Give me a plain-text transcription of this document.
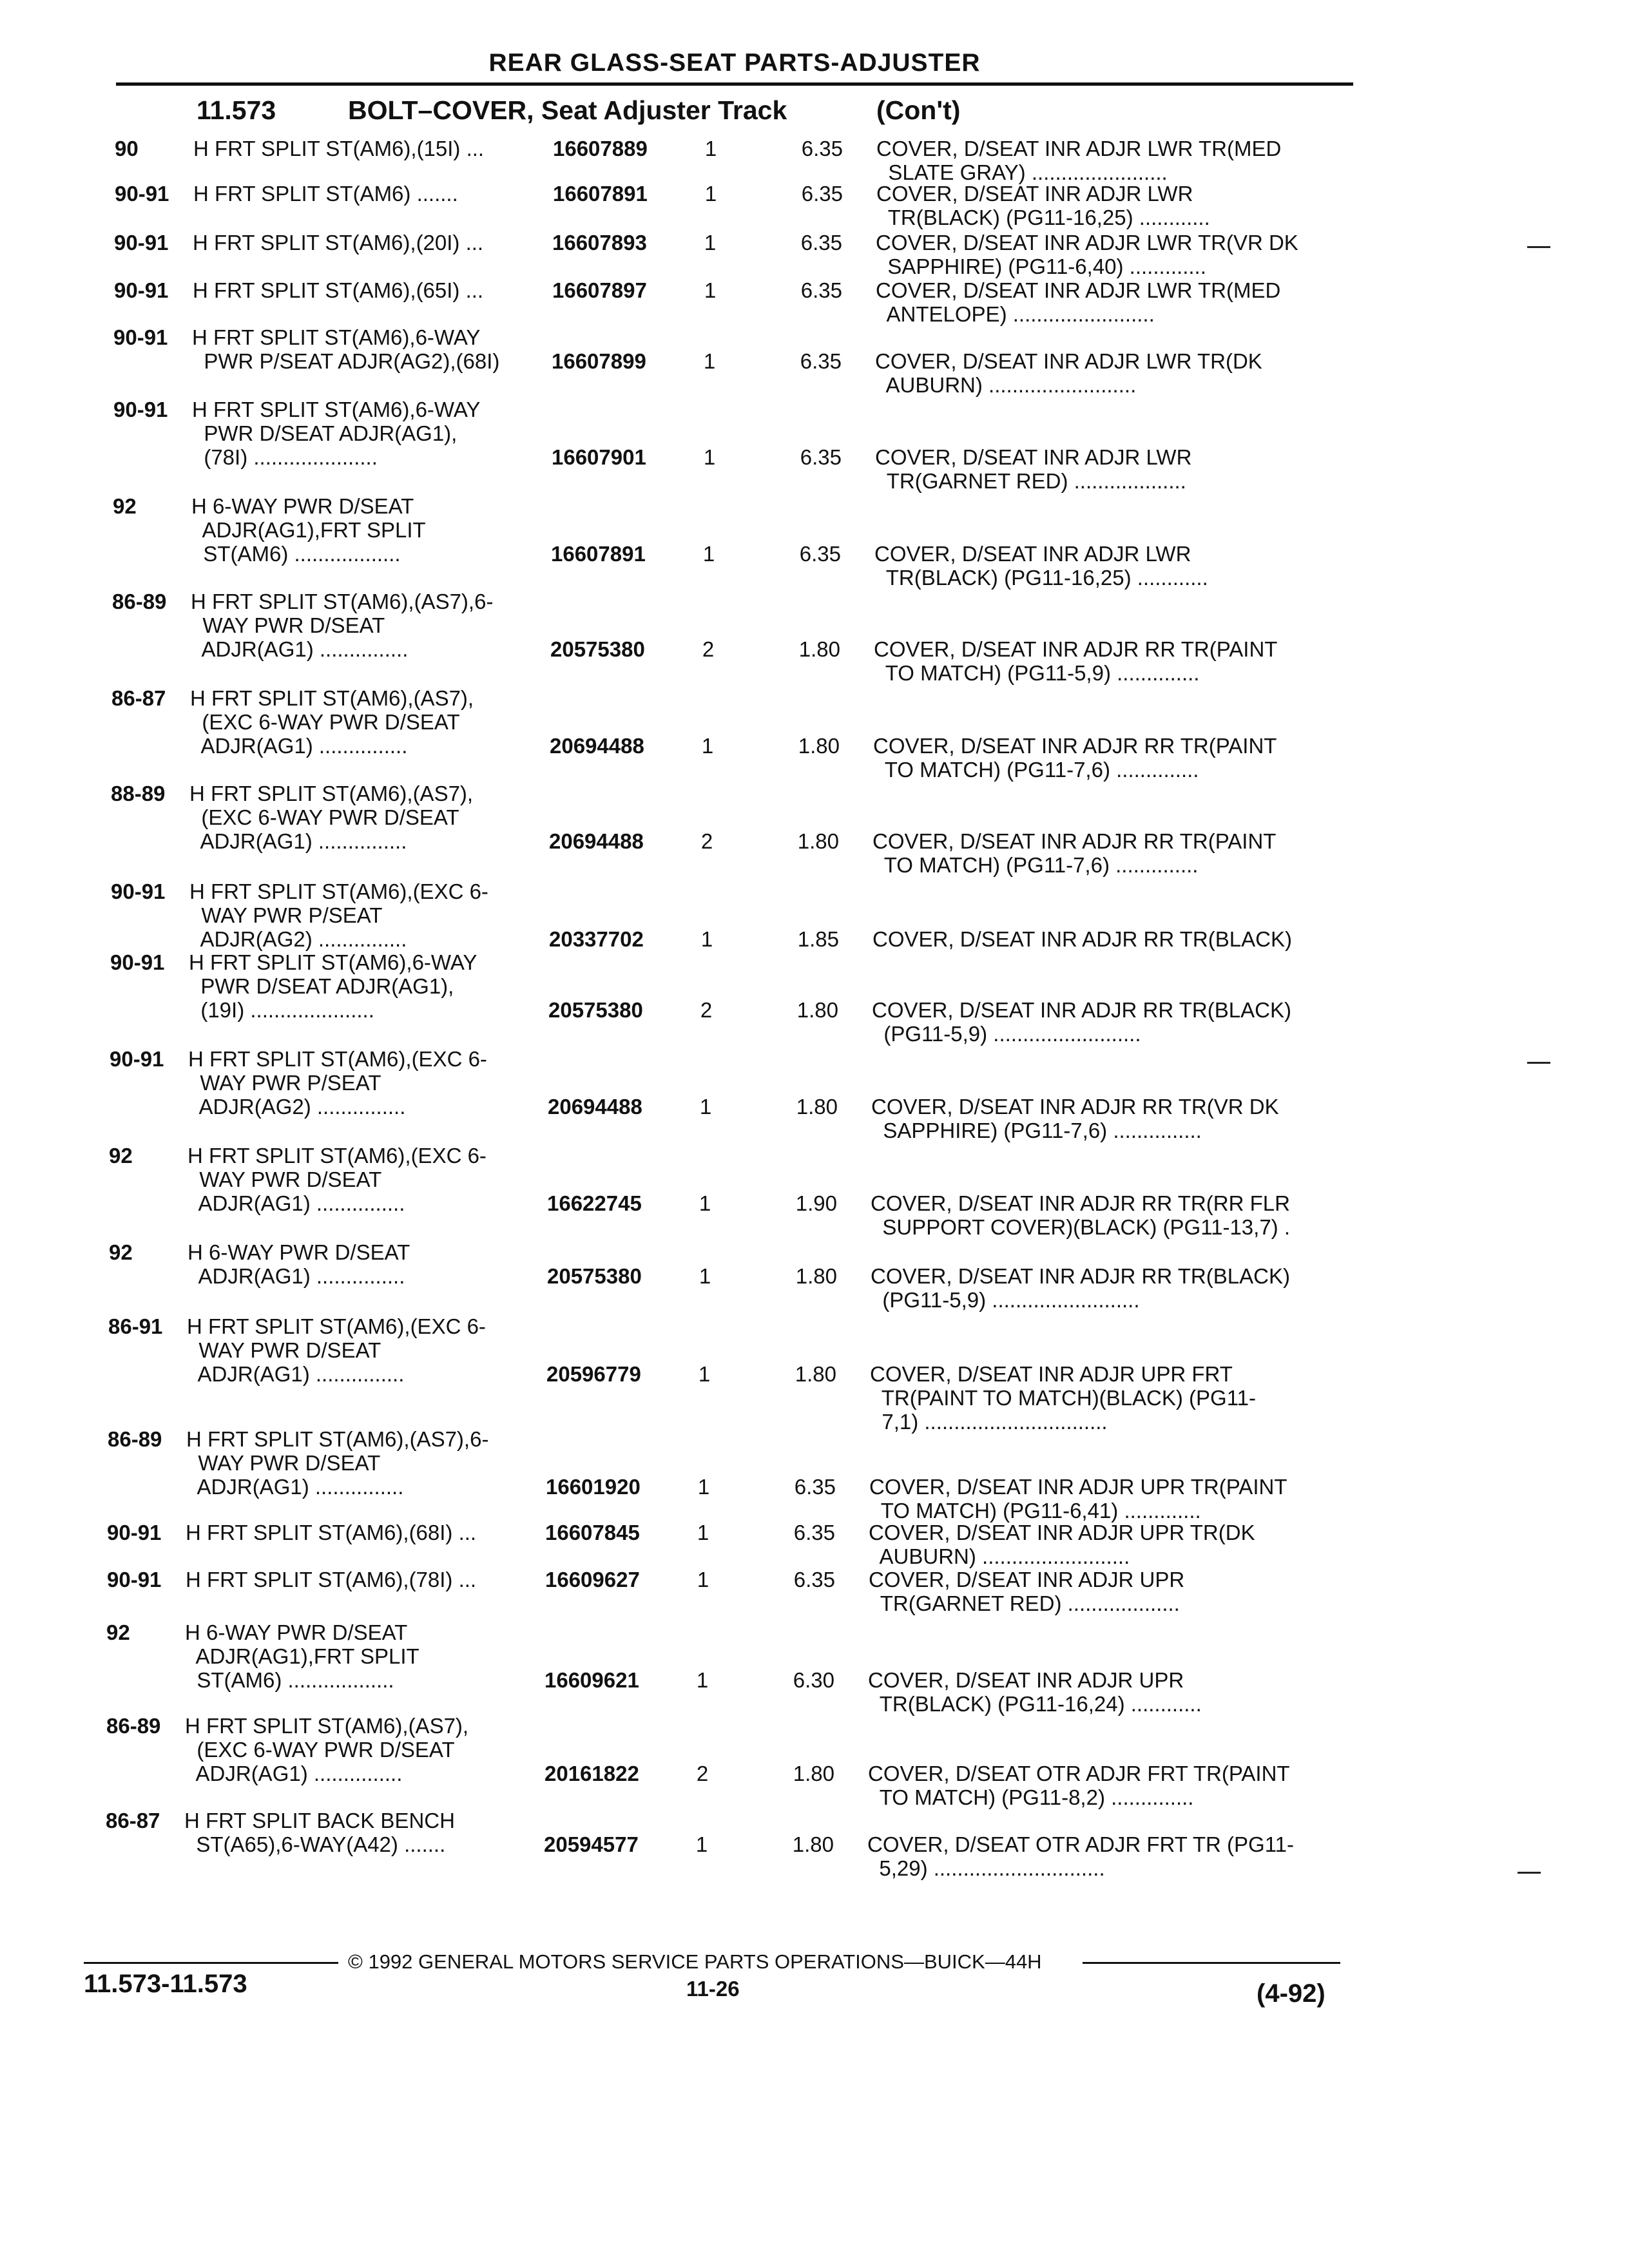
REAR GLASS-SEAT PARTS-ADJUSTER
11.573	BOLT–COVER, Seat Adjuster Track	(Con't)
90	H FRT SPLIT ST(AM6),(15I) ...	16607889	1	6.35 COVER, D/SEAT INR ADJR LWR TR(MED
SLATE GRAY) .......................
90-91	H FRT SPLIT ST(AM6) .......	16607891	1	6.35 COVER, D/SEAT INR ADJR LWR
TR(BLACK) (PG11-16,25) ............
90-91	H FRT SPLIT ST(AM6),(20I) ...	16607893	1	6.35 COVER, D/SEAT INR ADJR LWR TR(VR DK
SAPPHIRE) (PG11-6,40) .............
90-91	H FRT SPLIT ST(AM6),(65I) ...	16607897	1	6.35 COVER, D/SEAT INR ADJR LWR TR(MED
ANTELOPE) ........................
90-91	H FRT SPLIT ST(AM6),6-WAY
PWR P/SEAT ADJR(AG2),(68I)	16607899	1	6.35 COVER, D/SEAT INR ADJR LWR TR(DK
AUBURN) .........................
90-91	H FRT SPLIT ST(AM6),6-WAY
PWR D/SEAT ADJR(AG1),
(78I) .....................	16607901	1	6.35 COVER, D/SEAT INR ADJR LWR
TR(GARNET RED) ...................
92	H 6-WAY PWR D/SEAT
ADJR(AG1),FRT SPLIT
ST(AM6) ..................	16607891	1	6.35 COVER, D/SEAT INR ADJR LWR
TR(BLACK) (PG11-16,25) ............
86-89	H FRT SPLIT ST(AM6),(AS7),6-
WAY PWR D/SEAT
ADJR(AG1) ...............	20575380	2	1.80 COVER, D/SEAT INR ADJR RR TR(PAINT
TO MATCH) (PG11-5,9) ..............
86-87	H FRT SPLIT ST(AM6),(AS7),
(EXC 6-WAY PWR D/SEAT
ADJR(AG1) ...............	20694488	1	1.80 COVER, D/SEAT INR ADJR RR TR(PAINT
TO MATCH) (PG11-7,6) ..............
88-89	H FRT SPLIT ST(AM6),(AS7),
(EXC 6-WAY PWR D/SEAT
ADJR(AG1) ...............	20694488	2	1.80 COVER, D/SEAT INR ADJR RR TR(PAINT
TO MATCH) (PG11-7,6) ..............
90-91	H FRT SPLIT ST(AM6),(EXC 6-
WAY PWR P/SEAT
ADJR(AG2) ...............	20337702	1	1.85 COVER, D/SEAT INR ADJR RR TR(BLACK)
90-91	H FRT SPLIT ST(AM6),6-WAY
PWR D/SEAT ADJR(AG1),
(19I) .....................	20575380	2	1.80 COVER, D/SEAT INR ADJR RR TR(BLACK)
(PG11-5,9) .........................
90-91	H FRT SPLIT ST(AM6),(EXC 6-
WAY PWR P/SEAT
ADJR(AG2) ...............	20694488	1	1.80 COVER, D/SEAT INR ADJR RR TR(VR DK
SAPPHIRE) (PG11-7,6) ...............
92	H FRT SPLIT ST(AM6),(EXC 6-
WAY PWR D/SEAT
ADJR(AG1) ...............	16622745	1	1.90 COVER, D/SEAT INR ADJR RR TR(RR FLR
SUPPORT COVER)(BLACK) (PG11-13,7) .
92	H 6-WAY PWR D/SEAT
ADJR(AG1) ...............	20575380	1	1.80 COVER, D/SEAT INR ADJR RR TR(BLACK)
(PG11-5,9) .........................
86-91	H FRT SPLIT ST(AM6),(EXC 6-
WAY PWR D/SEAT
ADJR(AG1) ...............	20596779	1	1.80 COVER, D/SEAT INR ADJR UPR FRT
TR(PAINT TO MATCH)(BLACK) (PG11-
7,1) ...............................
86-89	H FRT SPLIT ST(AM6),(AS7),6-
WAY PWR D/SEAT
ADJR(AG1) ...............	16601920	1	6.35 COVER, D/SEAT INR ADJR UPR TR(PAINT
TO MATCH) (PG11-6,41) .............
90-91	H FRT SPLIT ST(AM6),(68I) ...	16607845	1	6.35 COVER, D/SEAT INR ADJR UPR TR(DK
AUBURN) .........................
90-91	H FRT SPLIT ST(AM6),(78I) ...	16609627	1	6.35 COVER, D/SEAT INR ADJR UPR
TR(GARNET RED) ...................
92	H 6-WAY PWR D/SEAT
ADJR(AG1),FRT SPLIT
ST(AM6) ..................	16609621	1	6.30 COVER, D/SEAT INR ADJR UPR
TR(BLACK) (PG11-16,24) ............
86-89	H FRT SPLIT ST(AM6),(AS7),
(EXC 6-WAY PWR D/SEAT
ADJR(AG1) ...............	20161822	2	1.80 COVER, D/SEAT OTR ADJR FRT TR(PAINT
TO MATCH) (PG11-8,2) ..............
86-87	H FRT SPLIT BACK BENCH
ST(A65),6-WAY(A42) .......	20594577	1	1.80 COVER, D/SEAT OTR ADJR FRT TR (PG11-
5,29) .............................
© 1992 GENERAL MOTORS SERVICE PARTS OPERATIONS—BUICK—44H
11.573-11.573	11-26	(4-92)
